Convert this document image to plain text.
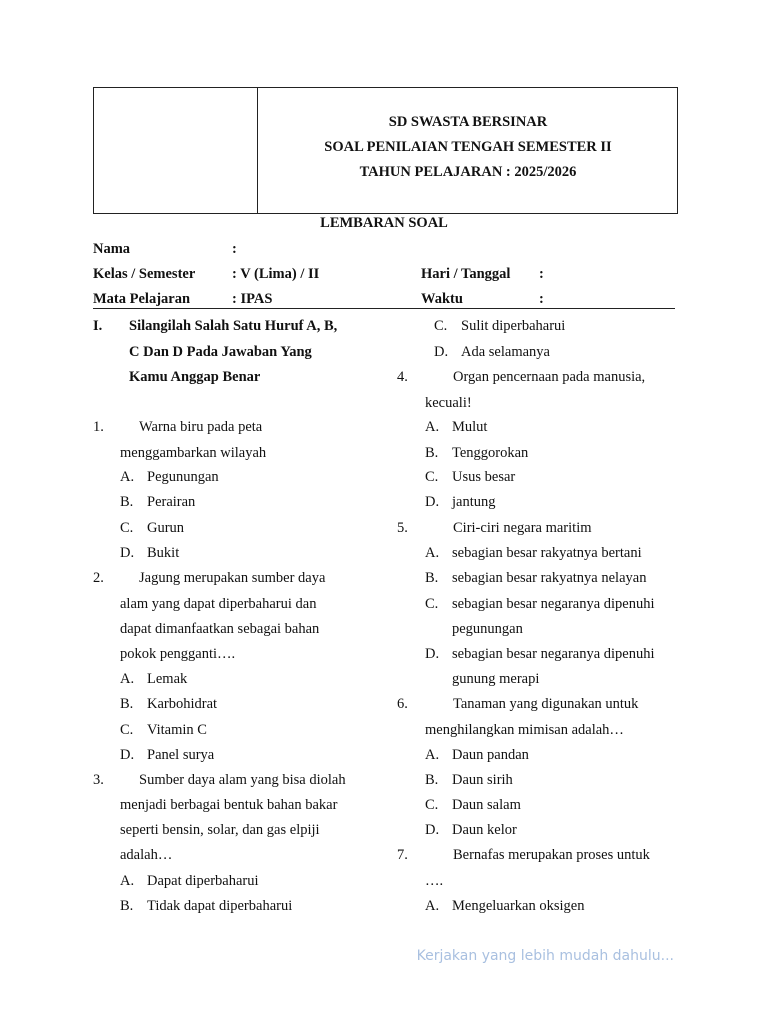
SD SWASTA BERSINAR
SOAL PENILAIAN TENGAH SEMESTER II
TAHUN PELAJARAN : 2025/2026
LEMBARAN SOAL
Nama	:
Kelas / Semester	: V (Lima) / II	Hari / Tanggal :
Mata Pelajaran	: IPAS	Waktu	:
I. Silangilah Salah Satu Huruf A, B,
C Dan D Pada Jawaban Yang
Kamu Anggap Benar
1. Warna biru pada peta
menggambarkan wilayah
A. Pegunungan
B. Perairan
C. Gurun
D. Bukit
2. Jagung merupakan sumber daya
alam yang dapat diperbaharui dan
dapat dimanfaatkan sebagai bahan
pokok pengganti….
A. Lemak
B. Karbohidrat
C. Vitamin C
D. Panel surya
3. Sumber daya alam yang bisa diolah
menjadi berbagai bentuk bahan bakar
seperti bensin, solar, dan gas elpiji
adalah…
A. Dapat diperbaharui
B. Tidak dapat diperbaharui
C. Sulit diperbaharui
D. Ada selamanya
4.	Organ pencernaan pada manusia,
kecuali!
A. Mulut
B. Tenggorokan
C. Usus besar
D. jantung
5.	Ciri-ciri negara maritim
A. sebagian besar rakyatnya bertani
B. sebagian besar rakyatnya nelayan
C. sebagian besar negaranya dipenuhi
pegunungan
D. sebagian besar negaranya dipenuhi
gunung merapi
6.	Tanaman yang digunakan untuk
menghilangkan mimisan adalah…
A. Daun pandan
B. Daun sirih
C. Daun salam
D. Daun kelor
7.	Bernafas merupakan proses untuk
….
A. Mengeluarkan oksigen
Kerjakan yang lebih mudah dahulu...
